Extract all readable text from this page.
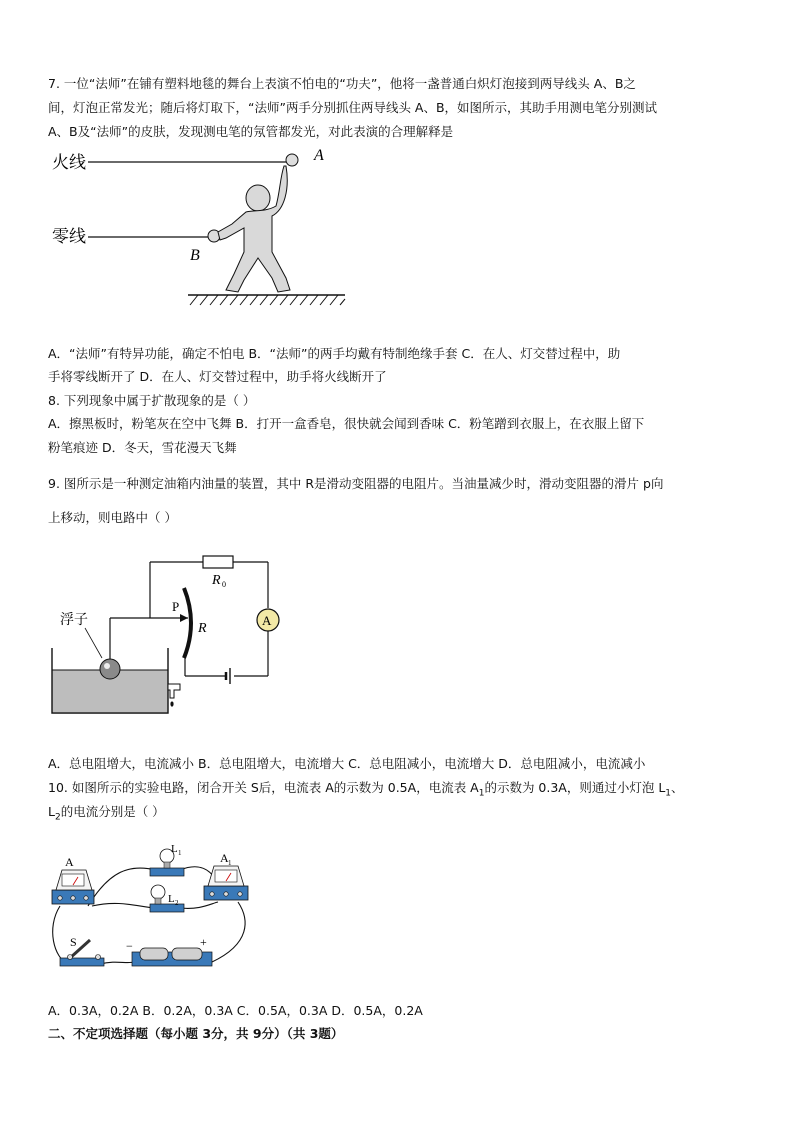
7. 一位“法师”在铺有塑料地毯的舞台上表演不怕电的“功夫”，他将一盏普通白炽灯泡接到两导线头 A、B之
间，灯泡正常发光；随后将灯取下，“法师”两手分别抓住两导线头 A、B，如图所示，其助手用测电笔分别测试
A、B及“法师”的皮肤，发现测电笔的氖管都发光，对此表演的合理解释是
火线	A
零线
B
A．“法师”有特异功能，确定不怕电 B．“法师”的两手均戴有特制绝缘手套 C．在人、灯交替过程中，助
手将零线断开了 D．在人、灯交替过程中，助手将火线断开了
8. 下列现象中属于扩散现象的是（ ）
A．擦黑板时，粉笔灰在空中飞舞 B．打开一盒香皂，很快就会闻到香味 C．粉笔蹭到衣服上，在衣服上留下
粉笔痕迹 D．冬天，雪花漫天飞舞
9. 图所示是一种测定油箱内油量的装置，其中 R是滑动变阻器的电阻片。当油量减少时，滑动变阻器的滑片 p向
上移动，则电路中（ ）
R 0
A
R
P
浮子
A．总电阻增大，电流减小 B．总电阻增大，电流增大 C．总电阻减小，电流增大 D．总电阻减小，电流减小
10. 如图所示的实验电路，闭合开关 S后，电流表 A的示数为 0.5A，电流表 $A_1$的示数为 0.3A，则通过小灯泡 $L_1$、
$L_2$的电流分别是（ ）
A	A 1
L 1
L 2
S	−	+
A．0.3A，0.2A B．0.2A，0.3A C．0.5A，0.3A D．0.5A，0.2A
二、不定项选择题（每小题 3分，共 9分）（共 3题）
